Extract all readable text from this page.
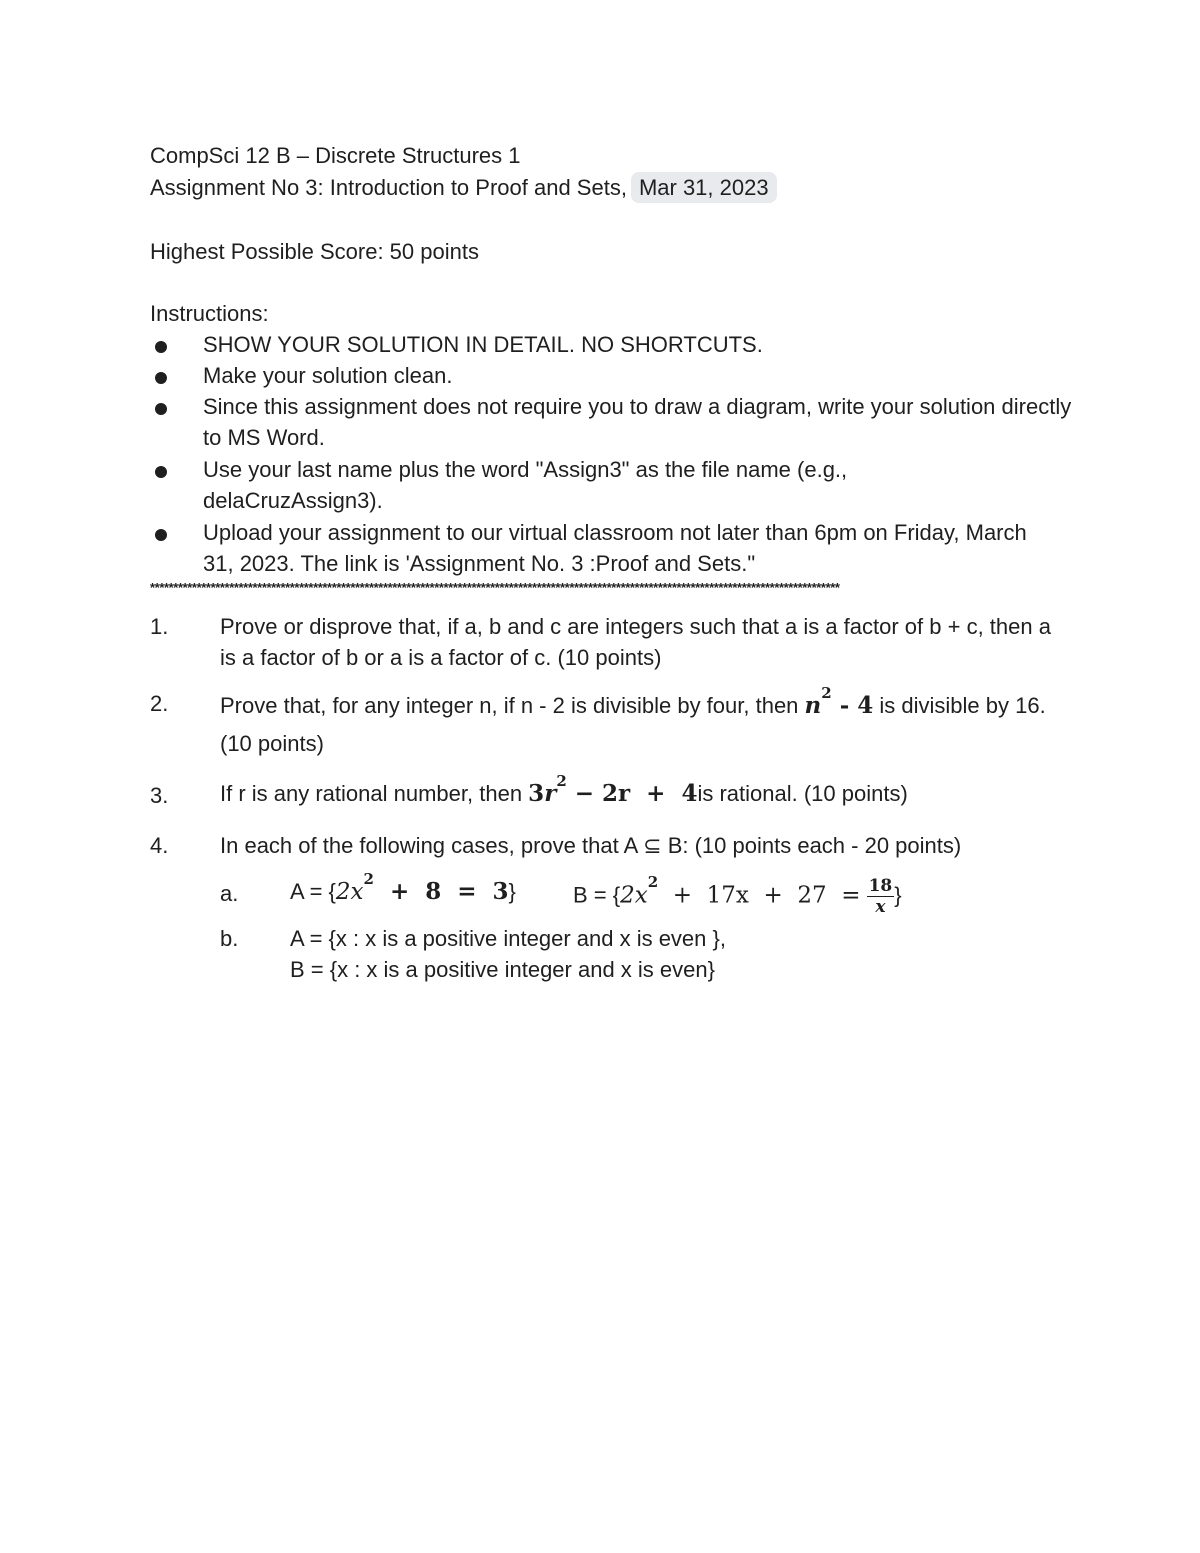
CompSci 12 B – Discrete Structures 1
Assignment No 3: Introduction to Proof and Sets, Mar 31, 2023
Highest Possible Score: 50 points
Instructions:
SHOW YOUR SOLUTION IN DETAIL. NO SHORTCUTS.
Make your solution clean.
Since this assignment does not require you to draw a diagram, write your solution directly to MS Word.
Use your last name plus the word "Assign3" as the file name (e.g., delaCruzAssign3).
Upload your assignment to our virtual classroom not later than 6pm on Friday, March 31, 2023. The link is 'Assignment No. 3 :Proof and Sets."
****************************************************************************************************************************************************
1. Prove or disprove that, if a, b and c are integers such that a is a factor of b + c, then a is a factor of b or a is a factor of c. (10 points)
2. Prove that, for any integer n, if n - 2 is divisible by four, then $n^2 - 4$ is divisible by 16.(10 points)
3. If r is any rational number, then $3r^2 - 2r + 4is$ rational. (10 points)
4. In each of the following cases, prove that A ⊆ B: (10 points each - 20 points)
a. $A = \{2x^2 + 8 = 3\}$	$B = \{2x^2 + 17x + 27 = \frac{18}{x}$ }
b. A = {x : x is a positive integer and x is even },
B = {x : x is a positive integer and x is even}
